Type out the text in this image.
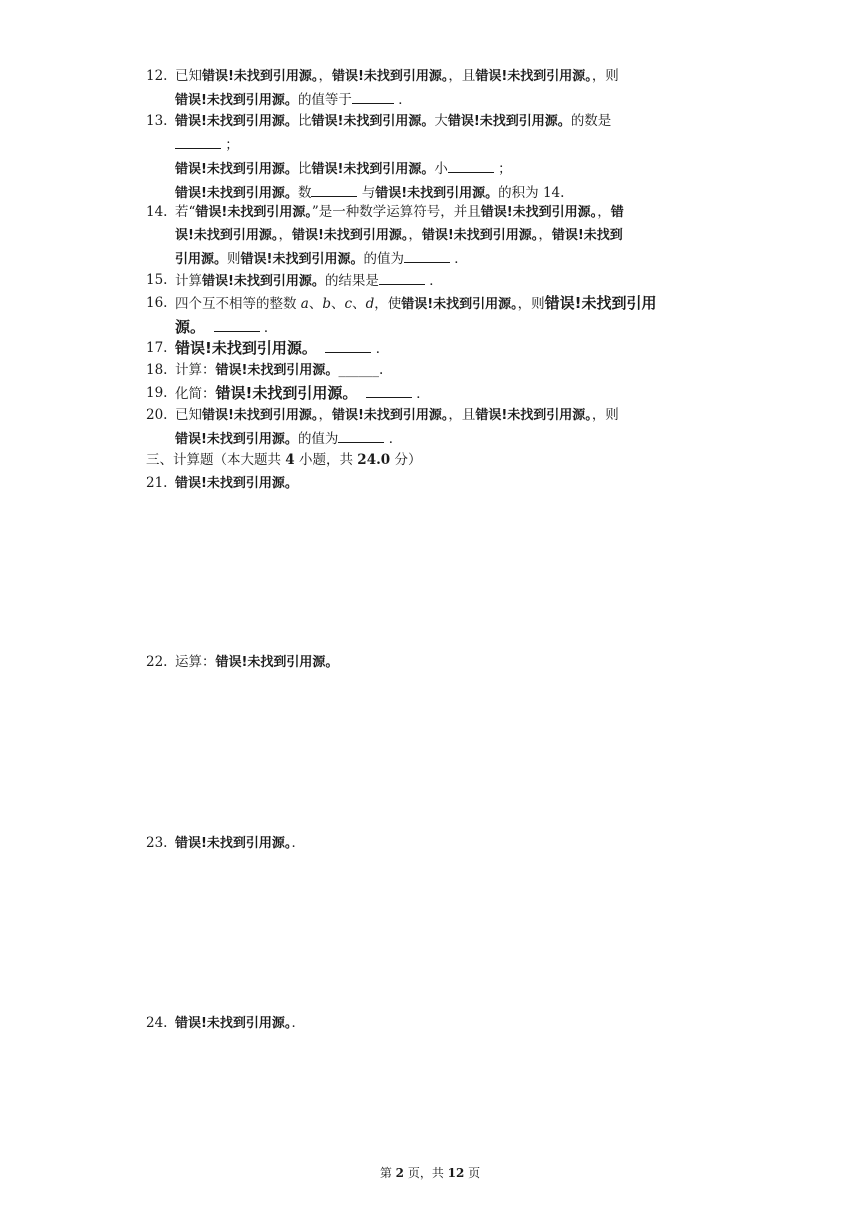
12. 已知错误!未找到引用源。，错误!未找到引用源。，且错误!未找到引用源。，则
错误!未找到引用源。的值等于	．
13. 错误!未找到引用源。比错误!未找到引用源。大错误!未找到引用源。的数是
；
错误!未找到引用源。比错误!未找到引用源。小	；
错误!未找到引用源。数	与错误!未找到引用源。的积为 14.
14. 若“错误!未找到引用源。”是一种数学运算符号，并且错误!未找到引用源。，错
误!未找到引用源。，错误!未找到引用源。，错误!未找到引用源。，错误!未找到
引用源。则错误!未找到引用源。的值为	．
15. 计算错误!未找到引用源。的结果是	．
16. 四个互不相等的整数 a、b、c、d，使错误!未找到引用源。，则错误!未找到引用
源。	．
17. 错误!未找到引用源。	．
18. 计算：错误!未找到引用源。______.
19. 化简：错误!未找到引用源。	．
20. 已知错误!未找到引用源。，错误!未找到引用源。，且错误!未找到引用源。，则
错误!未找到引用源。的值为	．
三、计算题（本大题共 4 小题，共 24.0 分）
21. 错误!未找到引用源。
22. 运算：错误!未找到引用源。
23. 错误!未找到引用源。．
24. 错误!未找到引用源。．
第 2 页，共 12 页
